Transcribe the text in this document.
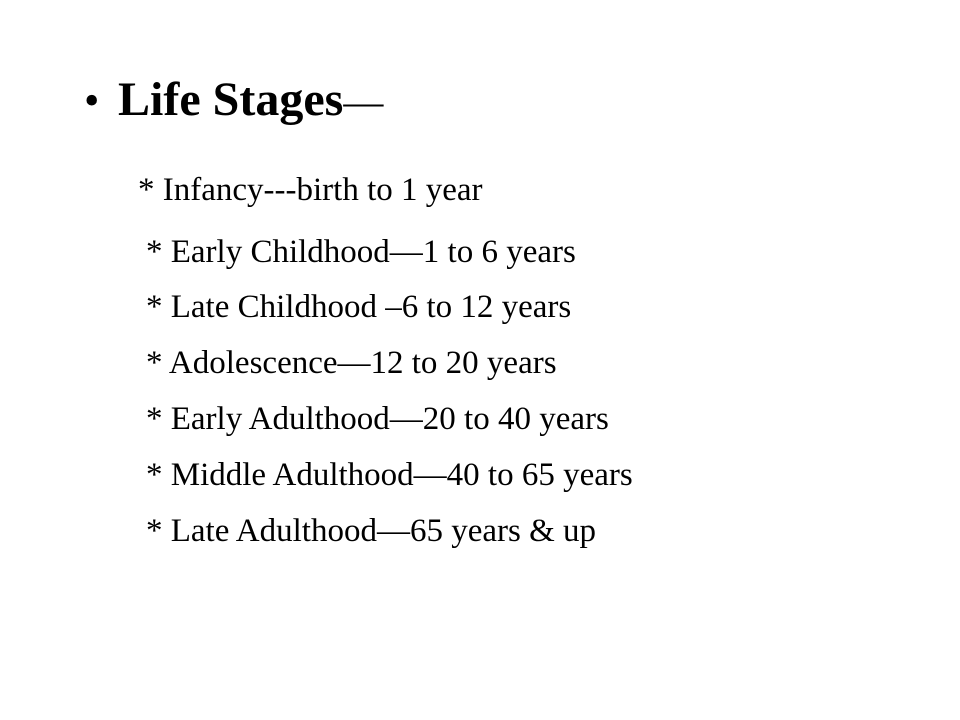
• Life Stages—
* Infancy---birth to 1 year
* Early Childhood—1 to 6 years
* Late Childhood –6 to 12 years
* Adolescence—12 to 20 years
* Early Adulthood—20 to 40 years
* Middle Adulthood—40 to 65 years
* Late Adulthood—65 years & up
